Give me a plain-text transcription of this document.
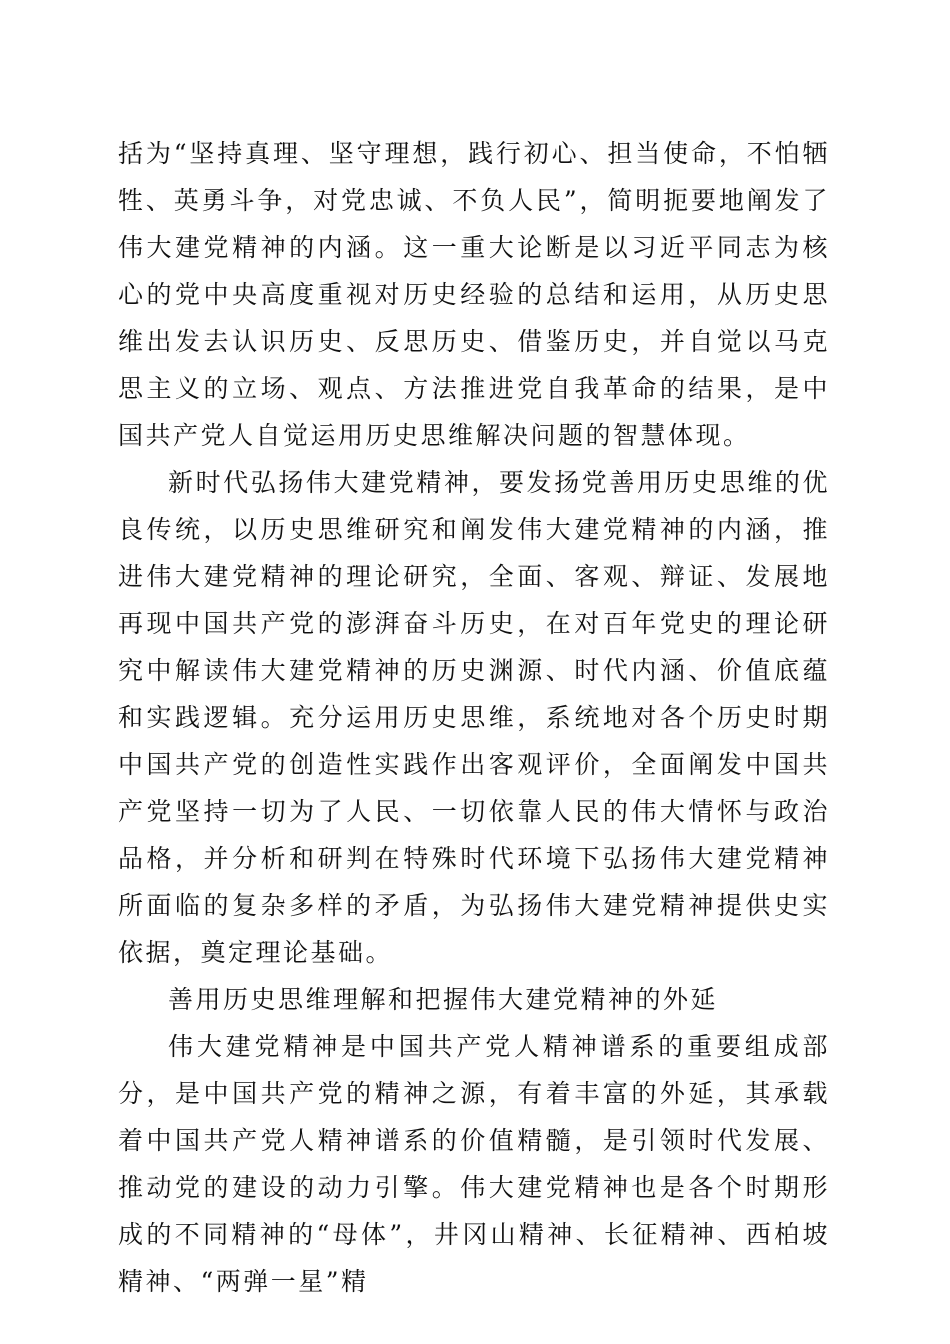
括为“坚持真理、坚守理想，践行初心、担当使命，不怕牺牲、英勇斗争，对党忠诚、不负人民”，简明扼要地阐发了伟大建党精神的内涵。这一重大论断是以习近平同志为核心的党中央高度重视对历史经验的总结和运用，从历史思维出发去认识历史、反思历史、借鉴历史，并自觉以马克思主义的立场、观点、方法推进党自我革命的结果，是中国共产党人自觉运用历史思维解决问题的智慧体现。

新时代弘扬伟大建党精神，要发扬党善用历史思维的优良传统，以历史思维研究和阐发伟大建党精神的内涵，推进伟大建党精神的理论研究，全面、客观、辩证、发展地再现中国共产党的澎湃奋斗历史，在对百年党史的理论研究中解读伟大建党精神的历史渊源、时代内涵、价值底蕴和实践逻辑。充分运用历史思维，系统地对各个历史时期中国共产党的创造性实践作出客观评价，全面阐发中国共产党坚持一切为了人民、一切依靠人民的伟大情怀与政治品格，并分析和研判在特殊时代环境下弘扬伟大建党精神所面临的复杂多样的矛盾，为弘扬伟大建党精神提供史实依据，奠定理论基础。

善用历史思维理解和把握伟大建党精神的外延

伟大建党精神是中国共产党人精神谱系的重要组成部分，是中国共产党的精神之源，有着丰富的外延，其承载着中国共产党人精神谱系的价值精髓，是引领时代发展、推动党的建设的动力引擎。伟大建党精神也是各个时期形成的不同精神的“母体”，井冈山精神、长征精神、西柏坡精神、“两弹一星”精
